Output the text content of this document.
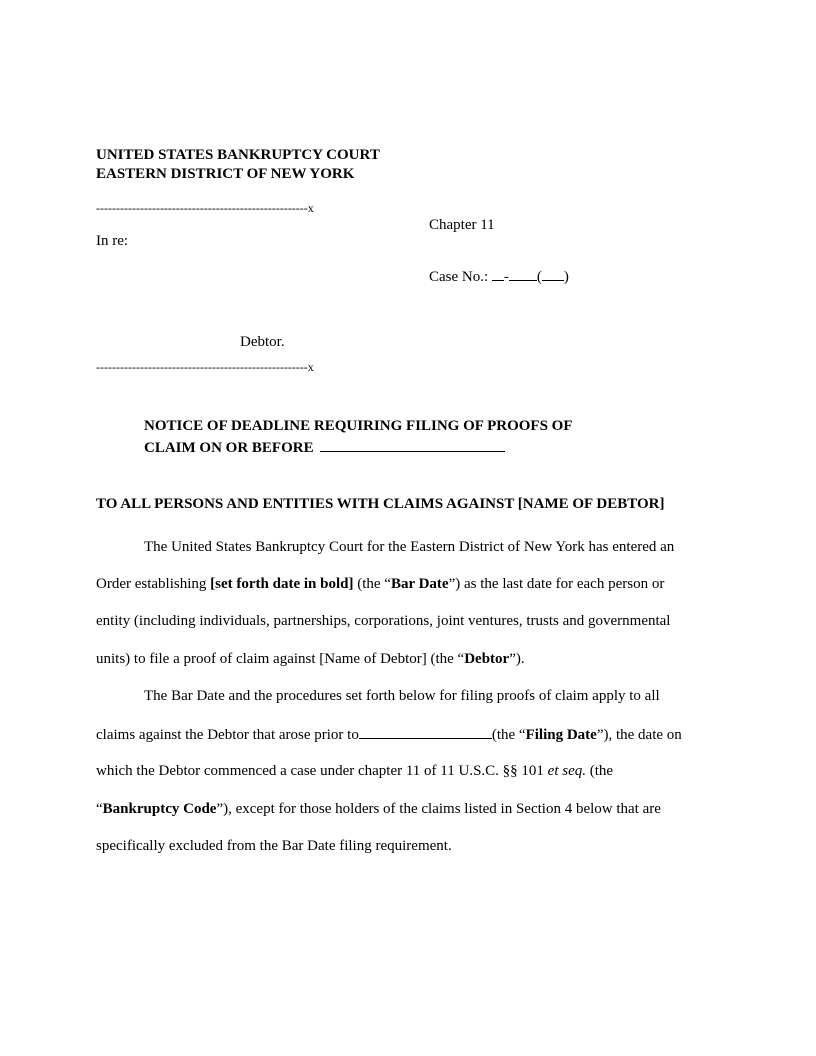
UNITED STATES BANKRUPTCY COURT
EASTERN DISTRICT OF NEW YORK
-----------------------------------------------------x
Chapter 11
In re:
Case No.: - ( )
Debtor.
-----------------------------------------------------x
NOTICE OF DEADLINE REQUIRING FILING OF PROOFS OF
CLAIM ON OR BEFORE
TO ALL PERSONS AND ENTITIES WITH CLAIMS AGAINST [NAME OF DEBTOR]
The United States Bankruptcy Court for the Eastern District of New York has entered an
Order establishing [set forth date in bold] (the “Bar Date”) as the last date for each person or
entity (including individuals, partnerships, corporations, joint ventures, trusts and governmental
units) to file a proof of claim against [Name of Debtor] (the “Debtor”).
The Bar Date and the procedures set forth below for filing proofs of claim apply to all
claims against the Debtor that arose prior to	(the “Filing Date”), the date on
which the Debtor commenced a case under chapter 11 of 11 U.S.C. §§ 101 et seq. (the
“Bankruptcy Code”), except for those holders of the claims listed in Section 4 below that are
specifically excluded from the Bar Date filing requirement.
